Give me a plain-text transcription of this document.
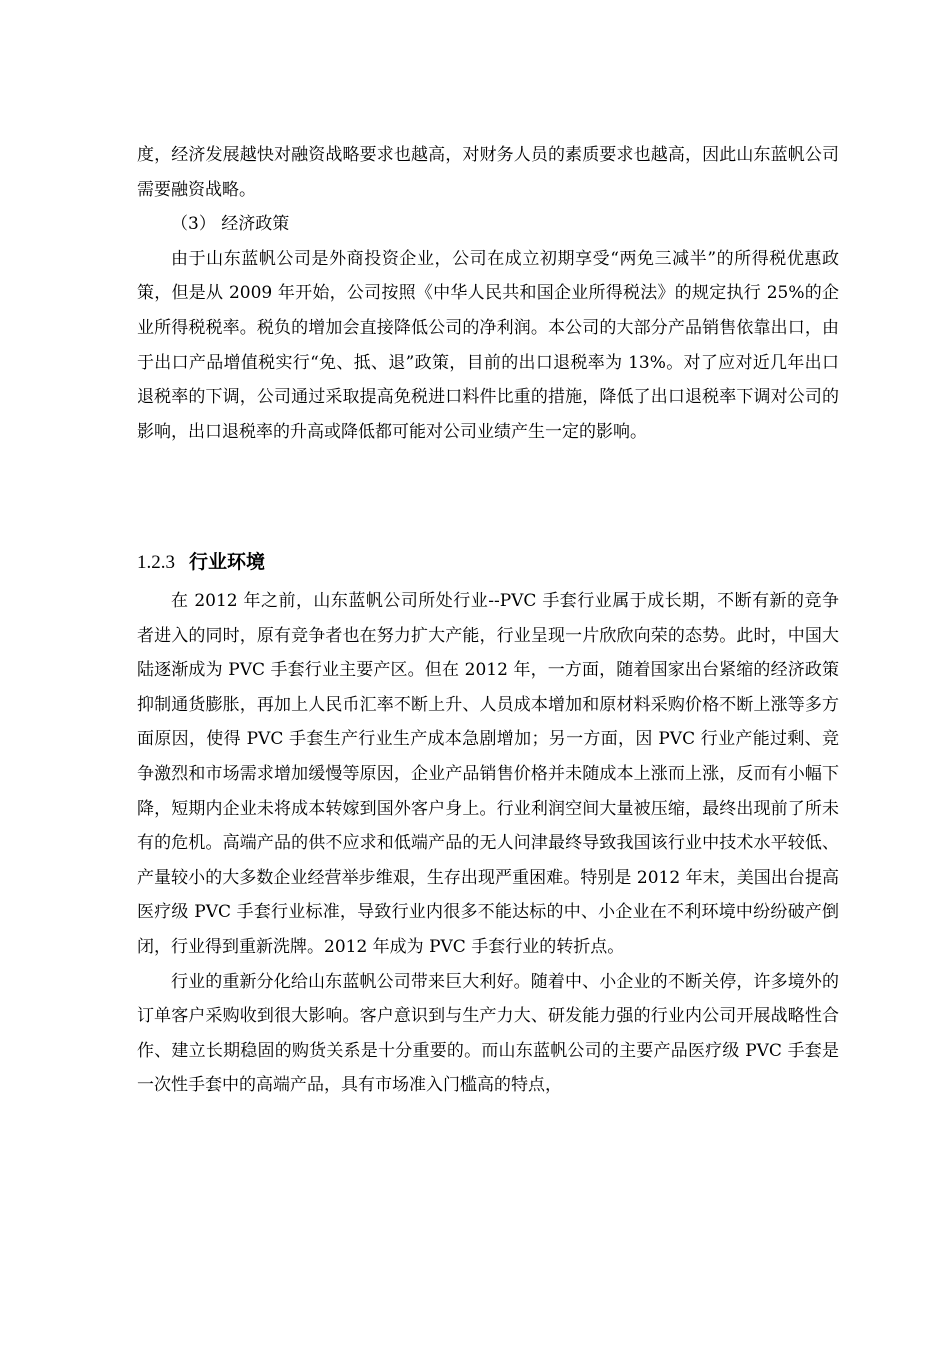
度，经济发展越快对融资战略要求也越高，对财务人员的素质要求也越高，因此山东蓝帆公司需要融资战略。

（3） 经济政策

由于山东蓝帆公司是外商投资企业，公司在成立初期享受“两免三减半”的所得税优惠政策，但是从 2009 年开始，公司按照《中华人民共和国企业所得税法》的规定执行 25%的企业所得税税率。税负的增加会直接降低公司的净利润。本公司的大部分产品销售依靠出口，由于出口产品增值税实行“免、抵、退”政策，目前的出口退税率为 13%。对了应对近几年出口退税率的下调，公司通过采取提高免税进口料件比重的措施，降低了出口退税率下调对公司的影响，出口退税率的升高或降低都可能对公司业绩产生一定的影响。

1.2.3 行业环境

在 2012 年之前，山东蓝帆公司所处行业--PVC 手套行业属于成长期，不断有新的竞争者进入的同时，原有竞争者也在努力扩大产能，行业呈现一片欣欣向荣的态势。此时，中国大陆逐渐成为 PVC 手套行业主要产区。但在 2012 年，一方面，随着国家出台紧缩的经济政策抑制通货膨胀，再加上人民币汇率不断上升、人员成本增加和原材料采购价格不断上涨等多方面原因，使得 PVC 手套生产行业生产成本急剧增加；另一方面，因 PVC 行业产能过剩、竞争激烈和市场需求增加缓慢等原因，企业产品销售价格并未随成本上涨而上涨，反而有小幅下降，短期内企业未将成本转嫁到国外客户身上。行业利润空间大量被压缩，最终出现前了所未有的危机。高端产品的供不应求和低端产品的无人问津最终导致我国该行业中技术水平较低、产量较小的大多数企业经营举步维艰，生存出现严重困难。特别是 2012 年末，美国出台提高医疗级 PVC 手套行业标准，导致行业内很多不能达标的中、小企业在不利环境中纷纷破产倒闭，行业得到重新洗牌。2012 年成为 PVC 手套行业的转折点。

行业的重新分化给山东蓝帆公司带来巨大利好。随着中、小企业的不断关停，许多境外的订单客户采购收到很大影响。客户意识到与生产力大、研发能力强的行业内公司开展战略性合作、建立长期稳固的购货关系是十分重要的。而山东蓝帆公司的主要产品医疗级 PVC 手套是一次性手套中的高端产品，具有市场准入门槛高的特点，
